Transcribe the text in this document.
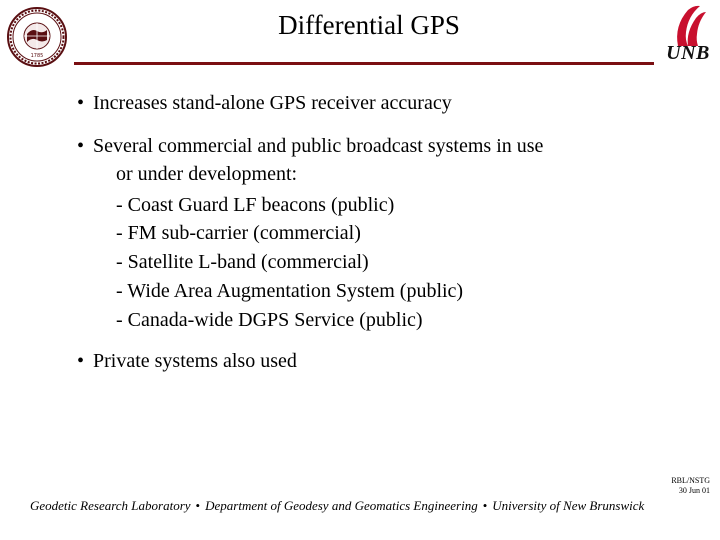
1785
Differential GPS
UNB
• Increases stand-alone GPS receiver accuracy
• Several commercial and public broadcast systems in use
or under development:
- Coast Guard LF beacons (public)
- FM sub-carrier (commercial)
- Satellite L-band (commercial)
- Wide Area Augmentation System (public)
- Canada-wide DGPS Service (public)
• Private systems also used
RBL/NSTG
30 Jun 01
Geodetic Research Laboratory • Department of Geodesy and Geomatics Engineering • University of New Brunswick
